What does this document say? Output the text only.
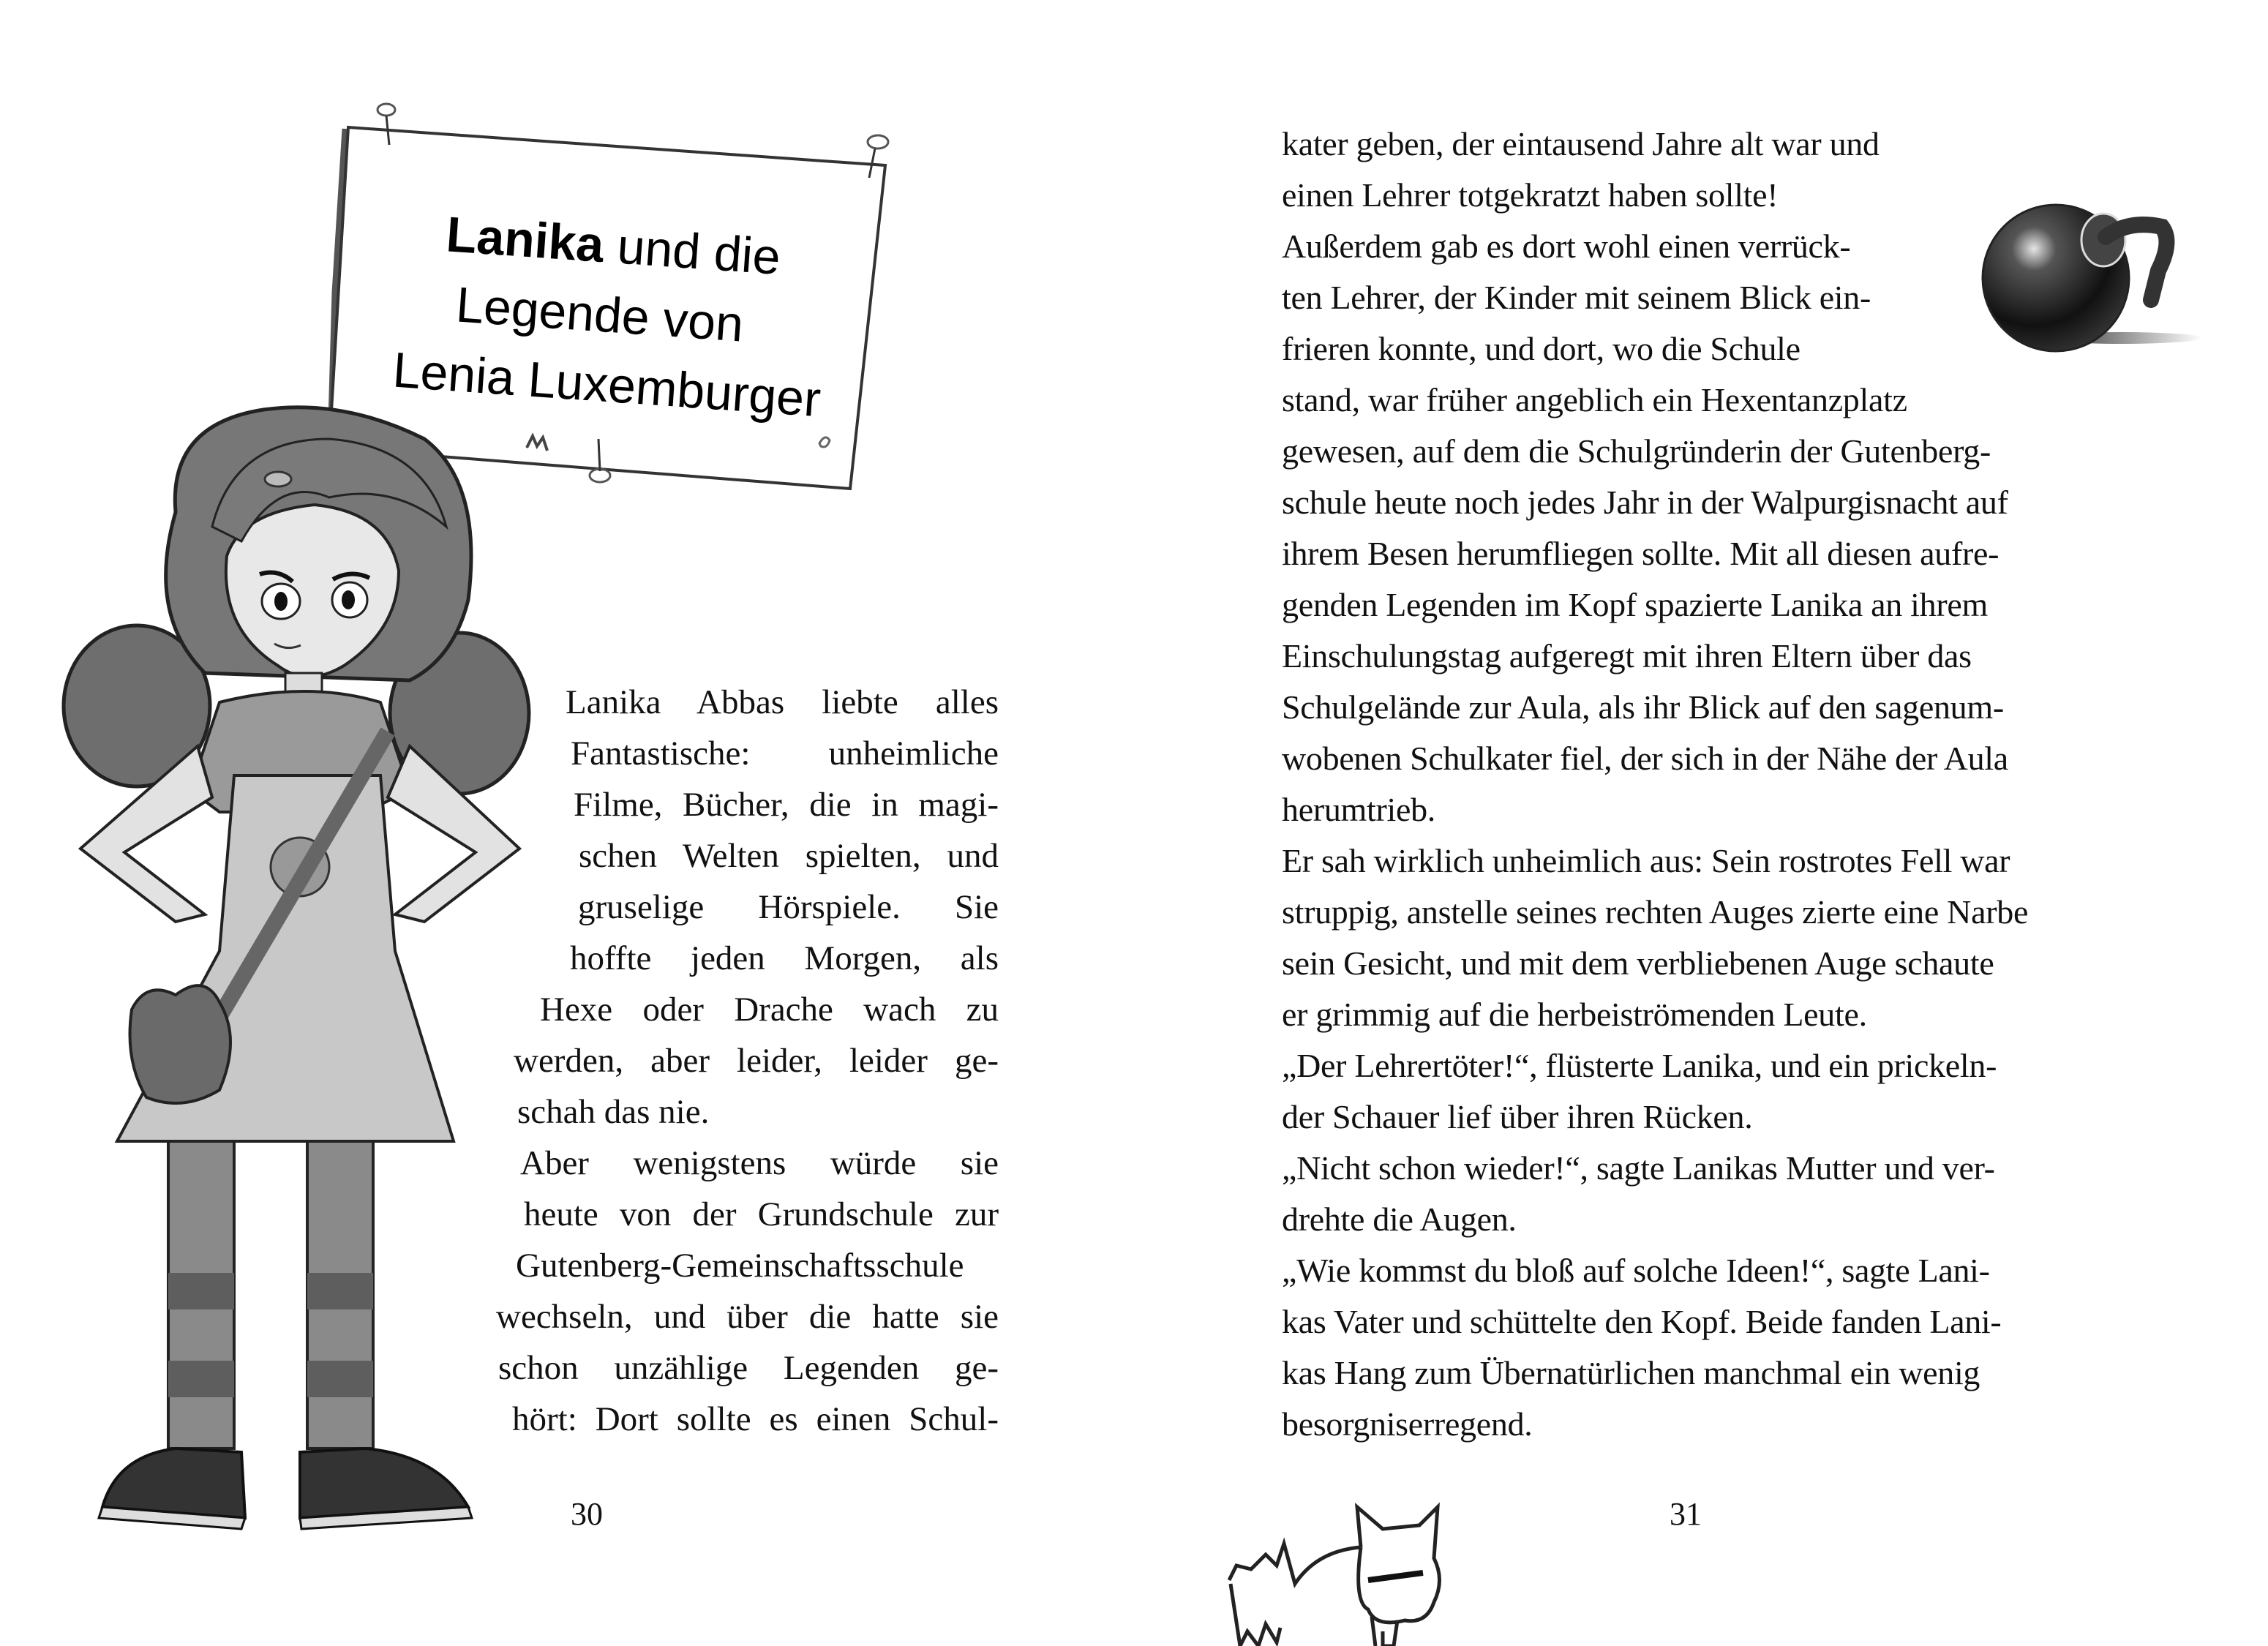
Lanika und die
Legende von
Lenia Luxemburger
Lanika Abbas liebte alles
Fantastische: unheimliche
Filme, Bücher, die in magi-
schen Welten spielten, und
gruselige Hörspiele. Sie
hoffte jeden Morgen, als
Hexe oder Drache wach zu
werden, aber leider, leider ge-
schah das nie.
Aber wenigstens würde sie
heute von der Grundschule zur
Gutenberg-Gemeinschaftsschule
wechseln, und über die hatte sie
schon unzählige Legenden ge-
hört: Dort sollte es einen Schul-
30
kater geben, der eintausend Jahre alt war und
einen Lehrer totgekratzt haben sollte!
Außerdem gab es dort wohl einen verrück-
ten Lehrer, der Kinder mit seinem Blick ein-
frieren konnte, und dort, wo die Schule
stand, war früher angeblich ein Hexentanzplatz
gewesen, auf dem die Schulgründerin der Gutenberg-
schule heute noch jedes Jahr in der Walpurgisnacht auf
ihrem Besen herumfliegen sollte. Mit all diesen aufre-
genden Legenden im Kopf spazierte Lanika an ihrem
Einschulungstag aufgeregt mit ihren Eltern über das
Schulgelände zur Aula, als ihr Blick auf den sagenum-
wobenen Schulkater fiel, der sich in der Nähe der Aula
herumtrieb.
Er sah wirklich unheimlich aus: Sein rostrotes Fell war
struppig, anstelle seines rechten Auges zierte eine Narbe
sein Gesicht, und mit dem verbliebenen Auge schaute
er grimmig auf die herbeiströmenden Leute.
„Der Lehrertöter!“, flüsterte Lanika, und ein prickeln-
der Schauer lief über ihren Rücken.
„Nicht schon wieder!“, sagte Lanikas Mutter und ver-
drehte die Augen.
„Wie kommst du bloß auf solche Ideen!“, sagte Lani-
kas Vater und schüttelte den Kopf. Beide fanden Lani-
kas Hang zum Übernatürlichen manchmal ein wenig
besorgniserregend.
31
